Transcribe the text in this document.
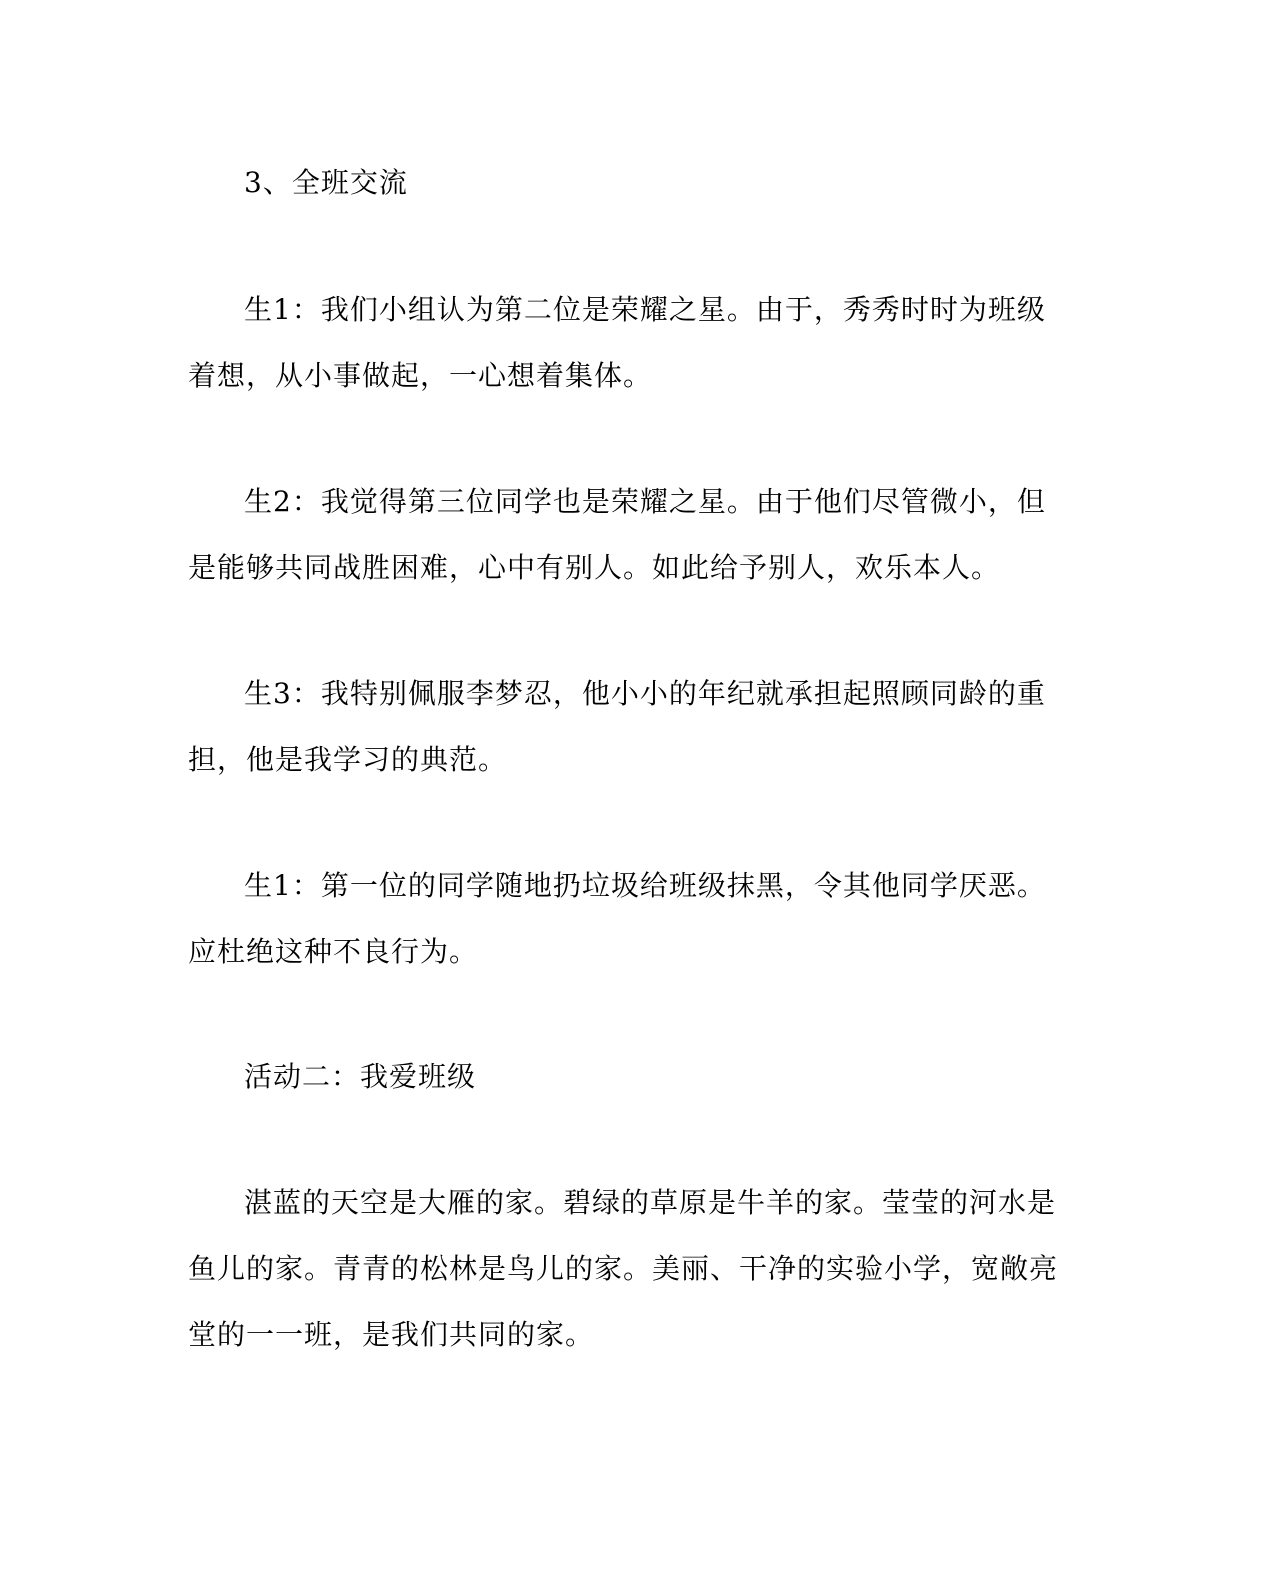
3、全班交流

生1：我们小组认为第二位是荣耀之星。由于，秀秀时时为班级着想，从小事做起，一心想着集体。

生2：我觉得第三位同学也是荣耀之星。由于他们尽管微小，但是能够共同战胜困难，心中有别人。如此给予别人，欢乐本人。

生3：我特别佩服李梦忍，他小小的年纪就承担起照顾同龄的重担，他是我学习的典范。

生1：第一位的同学随地扔垃圾给班级抹黑，令其他同学厌恶。应杜绝这种不良行为。

活动二：我爱班级

湛蓝的天空是大雁的家。碧绿的草原是牛羊的家。莹莹的河水是鱼儿的家。青青的松林是鸟儿的家。美丽、干净的实验小学，宽敞亮堂的一一班，是我们共同的家。
